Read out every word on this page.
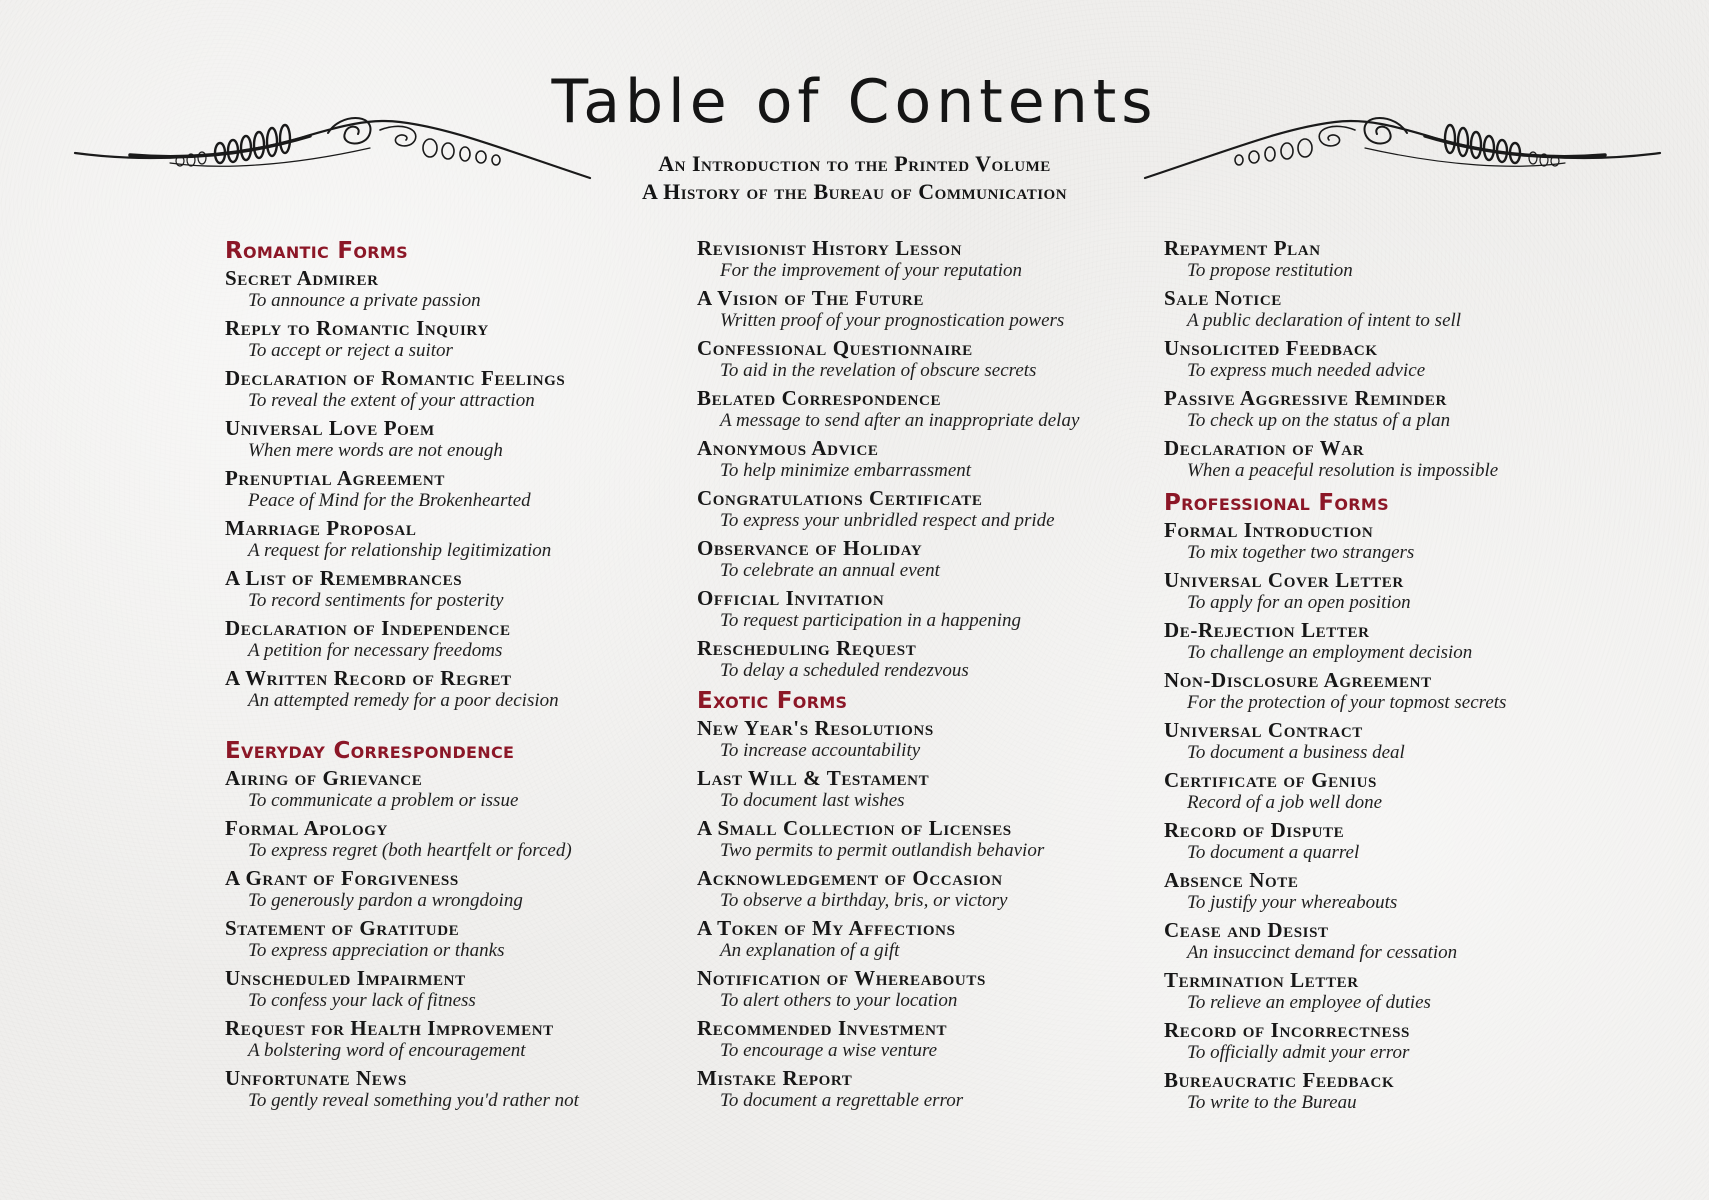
Table of Contents
An Introduction to the Printed Volume
A History of the Bureau of Communication
Romantic Forms
Secret Admirer
To announce a private passion
Reply to Romantic Inquiry
To accept or reject a suitor
Declaration of Romantic Feelings
To reveal the extent of your attraction
Universal Love Poem
When mere words are not enough
Prenuptial Agreement
Peace of Mind for the Brokenhearted
Marriage Proposal
A request for relationship legitimization
A List of Remembrances
To record sentiments for posterity
Declaration of Independence
A petition for necessary freedoms
A Written Record of Regret
An attempted remedy for a poor decision
Everyday Correspondence
Airing of Grievance
To communicate a problem or issue
Formal Apology
To express regret (both heartfelt or forced)
A Grant of Forgiveness
To generously pardon a wrongdoing
Statement of Gratitude
To express appreciation or thanks
Unscheduled Impairment
To confess your lack of fitness
Request for Health Improvement
A bolstering word of encouragement
Unfortunate News
To gently reveal something you'd rather not
Revisionist History Lesson
For the improvement of your reputation
A Vision of The Future
Written proof of your prognostication powers
Confessional Questionnaire
To aid in the revelation of obscure secrets
Belated Correspondence
A message to send after an inappropriate delay
Anonymous Advice
To help minimize embarrassment
Congratulations Certificate
To express your unbridled respect and pride
Observance of Holiday
To celebrate an annual event
Official Invitation
To request participation in a happening
Rescheduling Request
To delay a scheduled rendezvous
Exotic Forms
New Year's Resolutions
To increase accountability
Last Will & Testament
To document last wishes
A Small Collection of Licenses
Two permits to permit outlandish behavior
Acknowledgement of Occasion
To observe a birthday, bris, or victory
A Token of My Affections
An explanation of a gift
Notification of Whereabouts
To alert others to your location
Recommended Investment
To encourage a wise venture
Mistake Report
To document a regrettable error
Repayment Plan
To propose restitution
Sale Notice
A public declaration of intent to sell
Unsolicited Feedback
To express much needed advice
Passive Aggressive Reminder
To check up on the status of a plan
Declaration of War
When a peaceful resolution is impossible
Professional Forms
Formal Introduction
To mix together two strangers
Universal Cover Letter
To apply for an open position
De-Rejection Letter
To challenge an employment decision
Non-Disclosure Agreement
For the protection of your topmost secrets
Universal Contract
To document a business deal
Certificate of Genius
Record of a job well done
Record of Dispute
To document a quarrel
Absence Note
To justify your whereabouts
Cease and Desist
An insuccinct demand for cessation
Termination Letter
To relieve an employee of duties
Record of Incorrectness
To officially admit your error
Bureaucratic Feedback
To write to the Bureau
